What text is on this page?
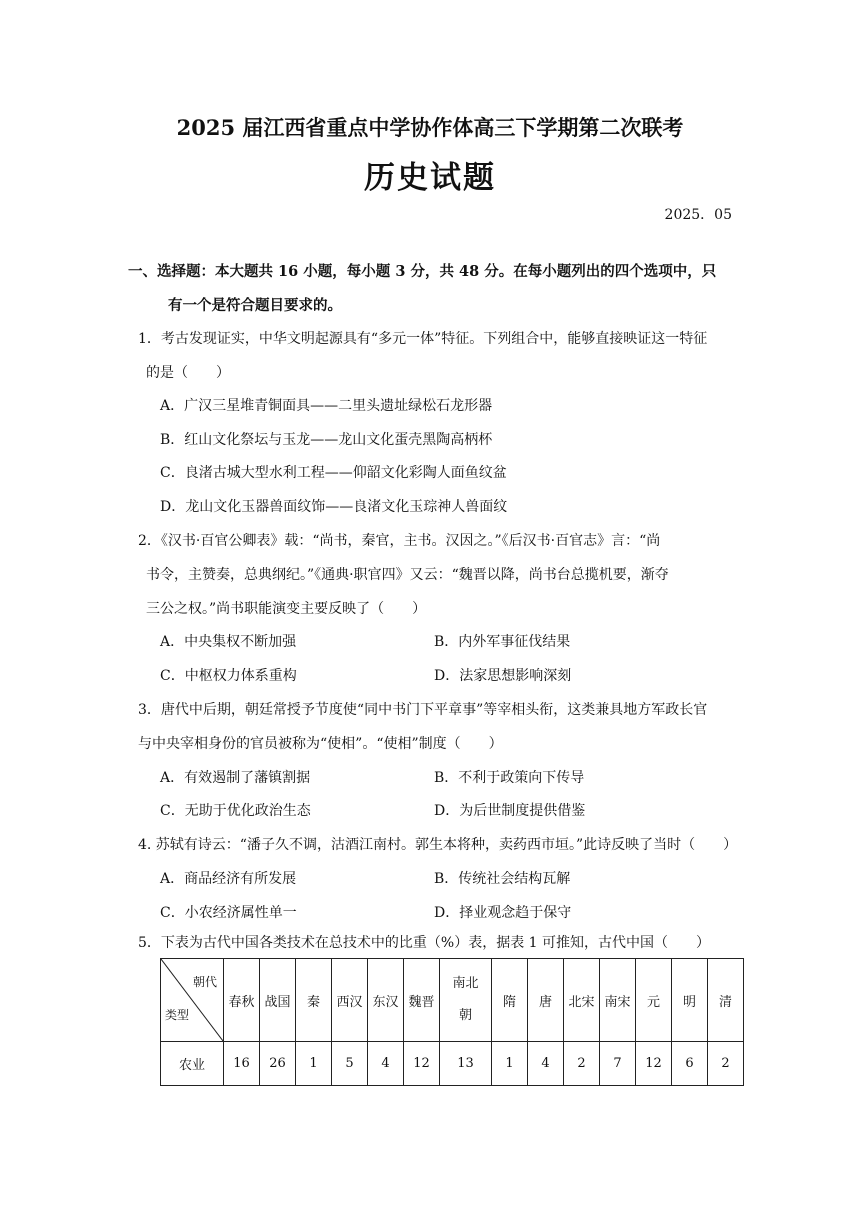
2025 届江西省重点中学协作体高三下学期第二次联考
历史试题
2025．05
一、选择题：本大题共 16 小题，每小题 3 分，共 48 分。在每小题列出的四个选项中，只
有一个是符合题目要求的。
1．考古发现证实，中华文明起源具有“多元一体”特征。下列组合中，能够直接映证这一特征
的是（　　）
A．广汉三星堆青铜面具——二里头遗址绿松石龙形器
B．红山文化祭坛与玉龙——龙山文化蛋壳黑陶高柄杯
C．良渚古城大型水利工程——仰韶文化彩陶人面鱼纹盆
D．龙山文化玉器兽面纹饰——良渚文化玉琮神人兽面纹
2．《汉书·百官公卿表》载：“尚书，秦官，主书。汉因之。”《后汉书·百官志》言：“尚
书令，主赞奏，总典纲纪。”《通典·职官四》又云：“魏晋以降，尚书台总揽机要，渐夺
三公之权。”尚书职能演变主要反映了（　　）
A．中央集权不断加强	B．内外军事征伐结果
C．中枢权力体系重构	D．法家思想影响深刻
3．唐代中后期，朝廷常授予节度使“同中书门下平章事”等宰相头衔，这类兼具地方军政长官
与中央宰相身份的官员被称为“使相”。“使相”制度（　　）
A．有效遏制了藩镇割据	B．不利于政策向下传导
C．无助于优化政治生态	D．为后世制度提供借鉴
4. 苏轼有诗云：“潘子久不调，沽酒江南村。郭生本将种，卖药西市垣。”此诗反映了当时（　　）
A．商品经济有所发展	B．传统社会结构瓦解
C．小农经济属性单一	D．择业观念趋于保守
5．下表为古代中国各类技术在总技术中的比重（%）表，据表 1 可推知，古代中国（　　）
朝代
类型	春秋	战国	秦	西汉	东汉	魏晋	南北朝	隋	唐	北宋	南宋	元	明	清
农业	16	26	1	5	4	12	13	1	4	2	7	12	6	2
